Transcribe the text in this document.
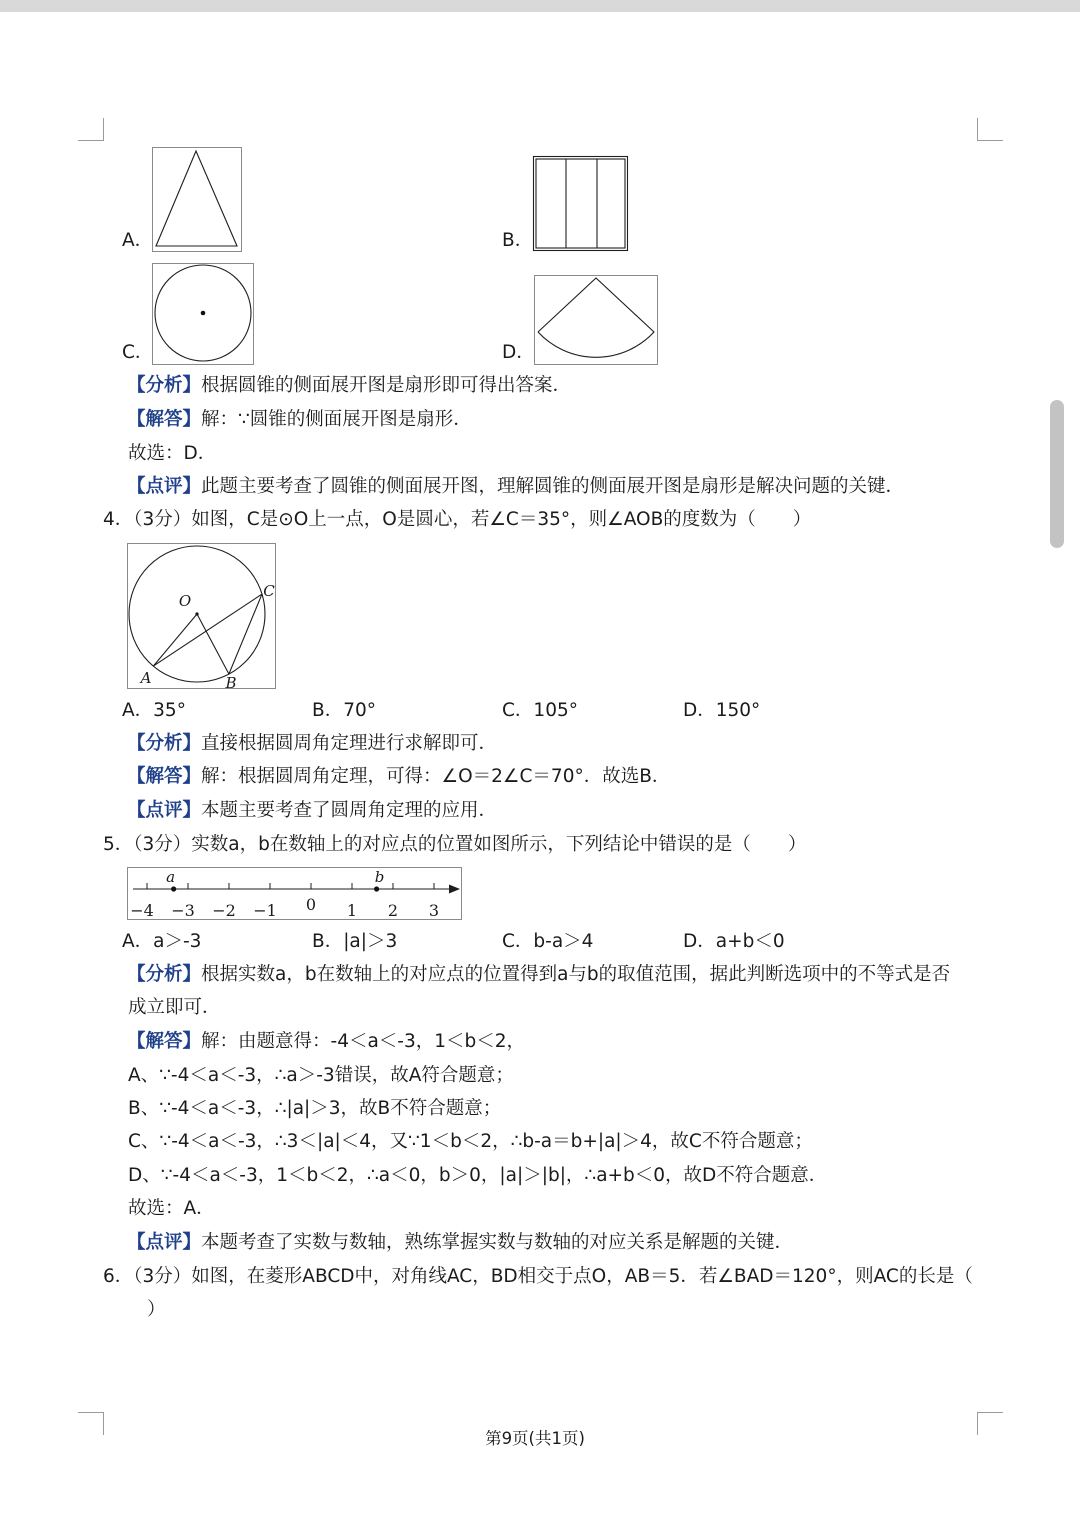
A．	B．
C．	D．
【分析】根据圆锥的侧面展开图是扇形即可得出答案．
【解答】解：∵圆锥的侧面展开图是扇形．
故选：D．
【点评】此题主要考查了圆锥的侧面展开图，理解圆锥的侧面展开图是扇形是解决问题的关键．
4．（3分）如图，C是⊙O上一点，O是圆心，若∠C＝35°，则∠AOB的度数为（　　）
O
C
A	B
A．35°	B．70°	C．105°	D．150°
【分析】直接根据圆周角定理进行求解即可．
【解答】解：根据圆周角定理，可得：∠O＝2∠C＝70°．故选B．
【点评】本题主要考查了圆周角定理的应用．
5．（3分）实数a，b在数轴上的对应点的位置如图所示，下列结论中错误的是（　　）
−4 −3 −2 −1 0 1 2 3
a	b
A．a＞-3	B．|a|＞3	C．b-a＞4	D．a+b＜0
【分析】根据实数a，b在数轴上的对应点的位置得到a与b的取值范围，据此判断选项中的不等式是否
成立即可．
【解答】解：由题意得：-4＜a＜-3，1＜b＜2，
A、∵-4＜a＜-3，∴a＞-3错误，故A符合题意；
B、∵-4＜a＜-3，∴|a|＞3，故B不符合题意；
C、∵-4＜a＜-3，∴3＜|a|＜4，又∵1＜b＜2，∴b-a＝b+|a|＞4，故C不符合题意；
D、∵-4＜a＜-3，1＜b＜2，∴a＜0，b＞0，|a|＞|b|，∴a+b＜0，故D不符合题意．
故选：A．
【点评】本题考查了实数与数轴，熟练掌握实数与数轴的对应关系是解题的关键．
6．（3分）如图，在菱形ABCD中，对角线AC，BD相交于点O，AB＝5．若∠BAD＝120°，则AC的长是（
）
第9页(共1页)
